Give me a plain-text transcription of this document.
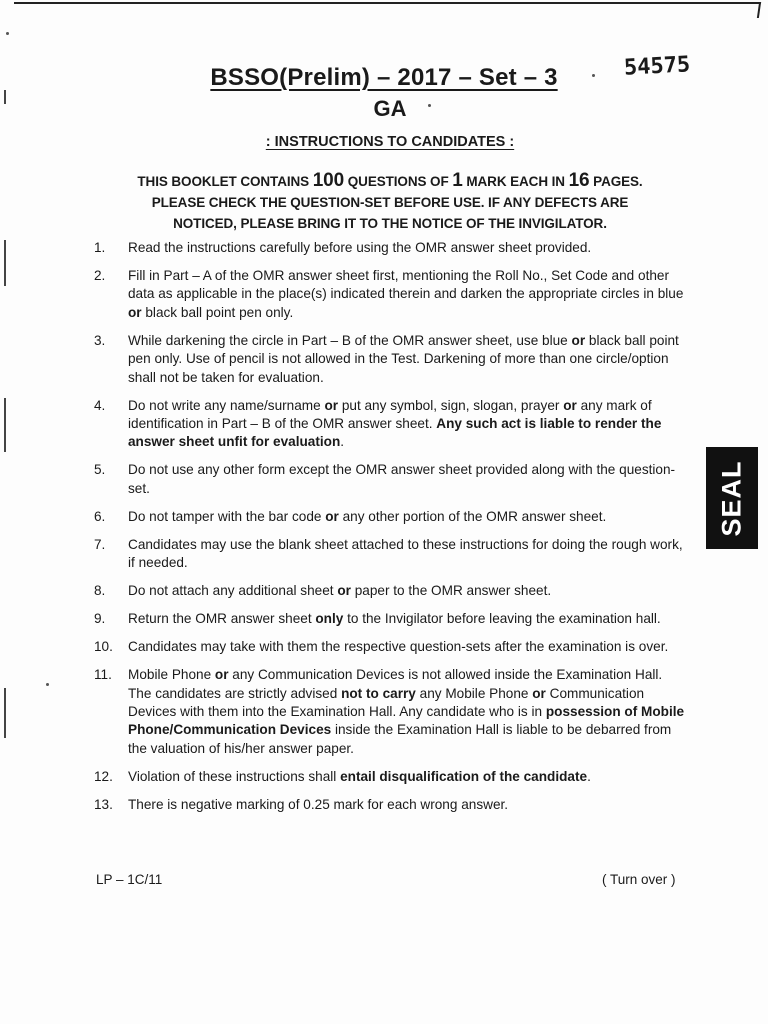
BSSO(Prelim) – 2017 – Set – 3	54575
GA
: INSTRUCTIONS TO CANDIDATES :
THIS BOOKLET CONTAINS 100 QUESTIONS OF 1 MARK EACH IN 16 PAGES.
PLEASE CHECK THE QUESTION-SET BEFORE USE. IF ANY DEFECTS ARE
NOTICED, PLEASE BRING IT TO THE NOTICE OF THE INVIGILATOR.
1.	Read the instructions carefully before using the OMR answer sheet provided.
2.	Fill in Part – A of the OMR answer sheet first, mentioning the Roll No., Set Code and other data as applicable in the place(s) indicated therein and darken the appropriate circles in blue or black ball point pen only.
3.	While darkening the circle in Part – B of the OMR answer sheet, use blue or black ball point pen only. Use of pencil is not allowed in the Test. Darkening of more than one circle/option shall not be taken for evaluation.
4.	Do not write any name/surname or put any symbol, sign, slogan, prayer or any mark of identification in Part – B of the OMR answer sheet. Any such act is liable to render the answer sheet unfit for evaluation.
5.	Do not use any other form except the OMR answer sheet provided along with the question-set.
6.	Do not tamper with the bar code or any other portion of the OMR answer sheet.
7.	Candidates may use the blank sheet attached to these instructions for doing the rough work, if needed.
8.	Do not attach any additional sheet or paper to the OMR answer sheet.
9.	Return the OMR answer sheet only to the Invigilator before leaving the examination hall.
10.	Candidates may take with them the respective question-sets after the examination is over.
11.	Mobile Phone or any Communication Devices is not allowed inside the Examination Hall. The candidates are strictly advised not to carry any Mobile Phone or Communication Devices with them into the Examination Hall. Any candidate who is in possession of Mobile Phone/Communication Devices inside the Examination Hall is liable to be debarred from the valuation of his/her answer paper.
12.	Violation of these instructions shall entail disqualification of the candidate.
13.	There is negative marking of 0.25 mark for each wrong answer.
LP – 1C/11	( Turn over )
SEAL
